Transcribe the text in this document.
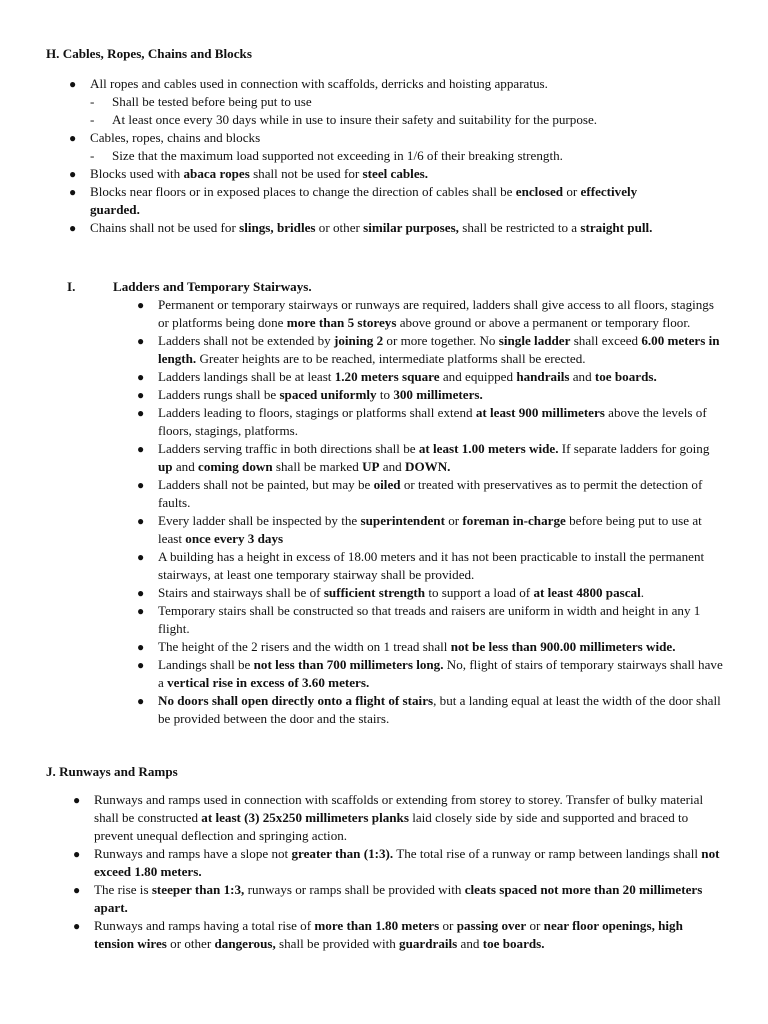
H. Cables, Ropes, Chains and Blocks
● All ropes and cables used in connection with scaffolds, derricks and hoisting apparatus.
- Shall be tested before being put to use
- At least once every 30 days while in use to insure their safety and suitability for the purpose.
● Cables, ropes, chains and blocks
- Size that the maximum load supported not exceeding in 1/6 of their breaking strength.
● Blocks used with abaca ropes shall not be used for steel cables.
● Blocks near floors or in exposed places to change the direction of cables shall be enclosed or effectively guarded.
● Chains shall not be used for slings, bridles or other similar purposes, shall be restricted to a straight pull.
I.	Ladders and Temporary Stairways.
● Permanent or temporary stairways or runways are required, ladders shall give access to all floors, stagings or platforms being done more than 5 storeys above ground or above a permanent or temporary floor.
● Ladders shall not be extended by joining 2 or more together. No single ladder shall exceed 6.00 meters in length. Greater heights are to be reached, intermediate platforms shall be erected.
● Ladders landings shall be at least 1.20 meters square and equipped handrails and toe boards.
● Ladders rungs shall be spaced uniformly to 300 millimeters.
● Ladders leading to floors, stagings or platforms shall extend at least 900 millimeters above the levels of floors, stagings, platforms.
● Ladders serving traffic in both directions shall be at least 1.00 meters wide. If separate ladders for going up and coming down shall be marked UP and DOWN.
● Ladders shall not be painted, but may be oiled or treated with preservatives as to permit the detection of faults.
● Every ladder shall be inspected by the superintendent or foreman in-charge before being put to use at least once every 3 days
● A building has a height in excess of 18.00 meters and it has not been practicable to install the permanent stairways, at least one temporary stairway shall be provided.
● Stairs and stairways shall be of sufficient strength to support a load of at least 4800 pascal.
● Temporary stairs shall be constructed so that treads and raisers are uniform in width and height in any 1 flight.
● The height of the 2 risers and the width on 1 tread shall not be less than 900.00 millimeters wide.
● Landings shall be not less than 700 millimeters long. No, flight of stairs of temporary stairways shall have a vertical rise in excess of 3.60 meters.
● No doors shall open directly onto a flight of stairs, but a landing equal at least the width of the door shall be provided between the door and the stairs.
J. Runways and Ramps
● Runways and ramps used in connection with scaffolds or extending from storey to storey. Transfer of bulky material shall be constructed at least (3) 25x250 millimeters planks laid closely side by side and supported and braced to prevent unequal deflection and springing action.
● Runways and ramps have a slope not greater than (1:3). The total rise of a runway or ramp between landings shall not exceed 1.80 meters.
● The rise is steeper than 1:3, runways or ramps shall be provided with cleats spaced not more than 20 millimeters apart.
● Runways and ramps having a total rise of more than 1.80 meters or passing over or near floor openings, high tension wires or other dangerous, shall be provided with guardrails and toe boards.
